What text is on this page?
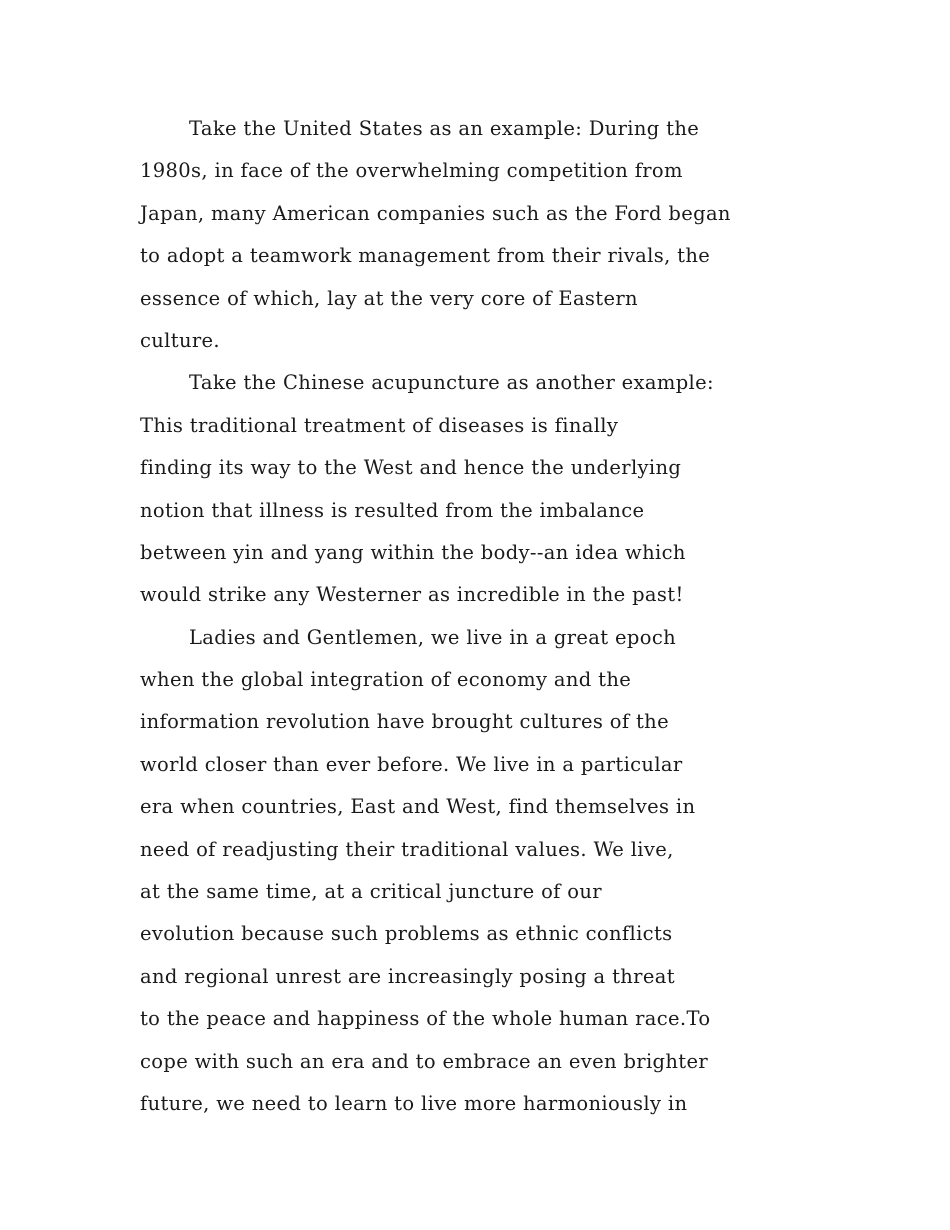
Take the United States as an example: During the
1980s, in face of the overwhelming competition from
Japan, many American companies such as the Ford began
to adopt a teamwork management from their rivals, the
essence of which, lay at the very core of Eastern
culture.
Take the Chinese acupuncture as another example:
This traditional treatment of diseases is finally
finding its way to the West and hence the underlying
notion that illness is resulted from the imbalance
between yin and yang within the body--an idea which
would strike any Westerner as incredible in the past!
Ladies and Gentlemen, we live in a great epoch
when the global integration of economy and the
information revolution have brought cultures of the
world closer than ever before. We live in a particular
era when countries, East and West, find themselves in
need of readjusting their traditional values. We live,
at the same time, at a critical juncture of our
evolution because such problems as ethnic conflicts
and regional unrest are increasingly posing a threat
to the peace and happiness of the whole human race.To
cope with such an era and to embrace an even brighter
future, we need to learn to live more harmoniously in
